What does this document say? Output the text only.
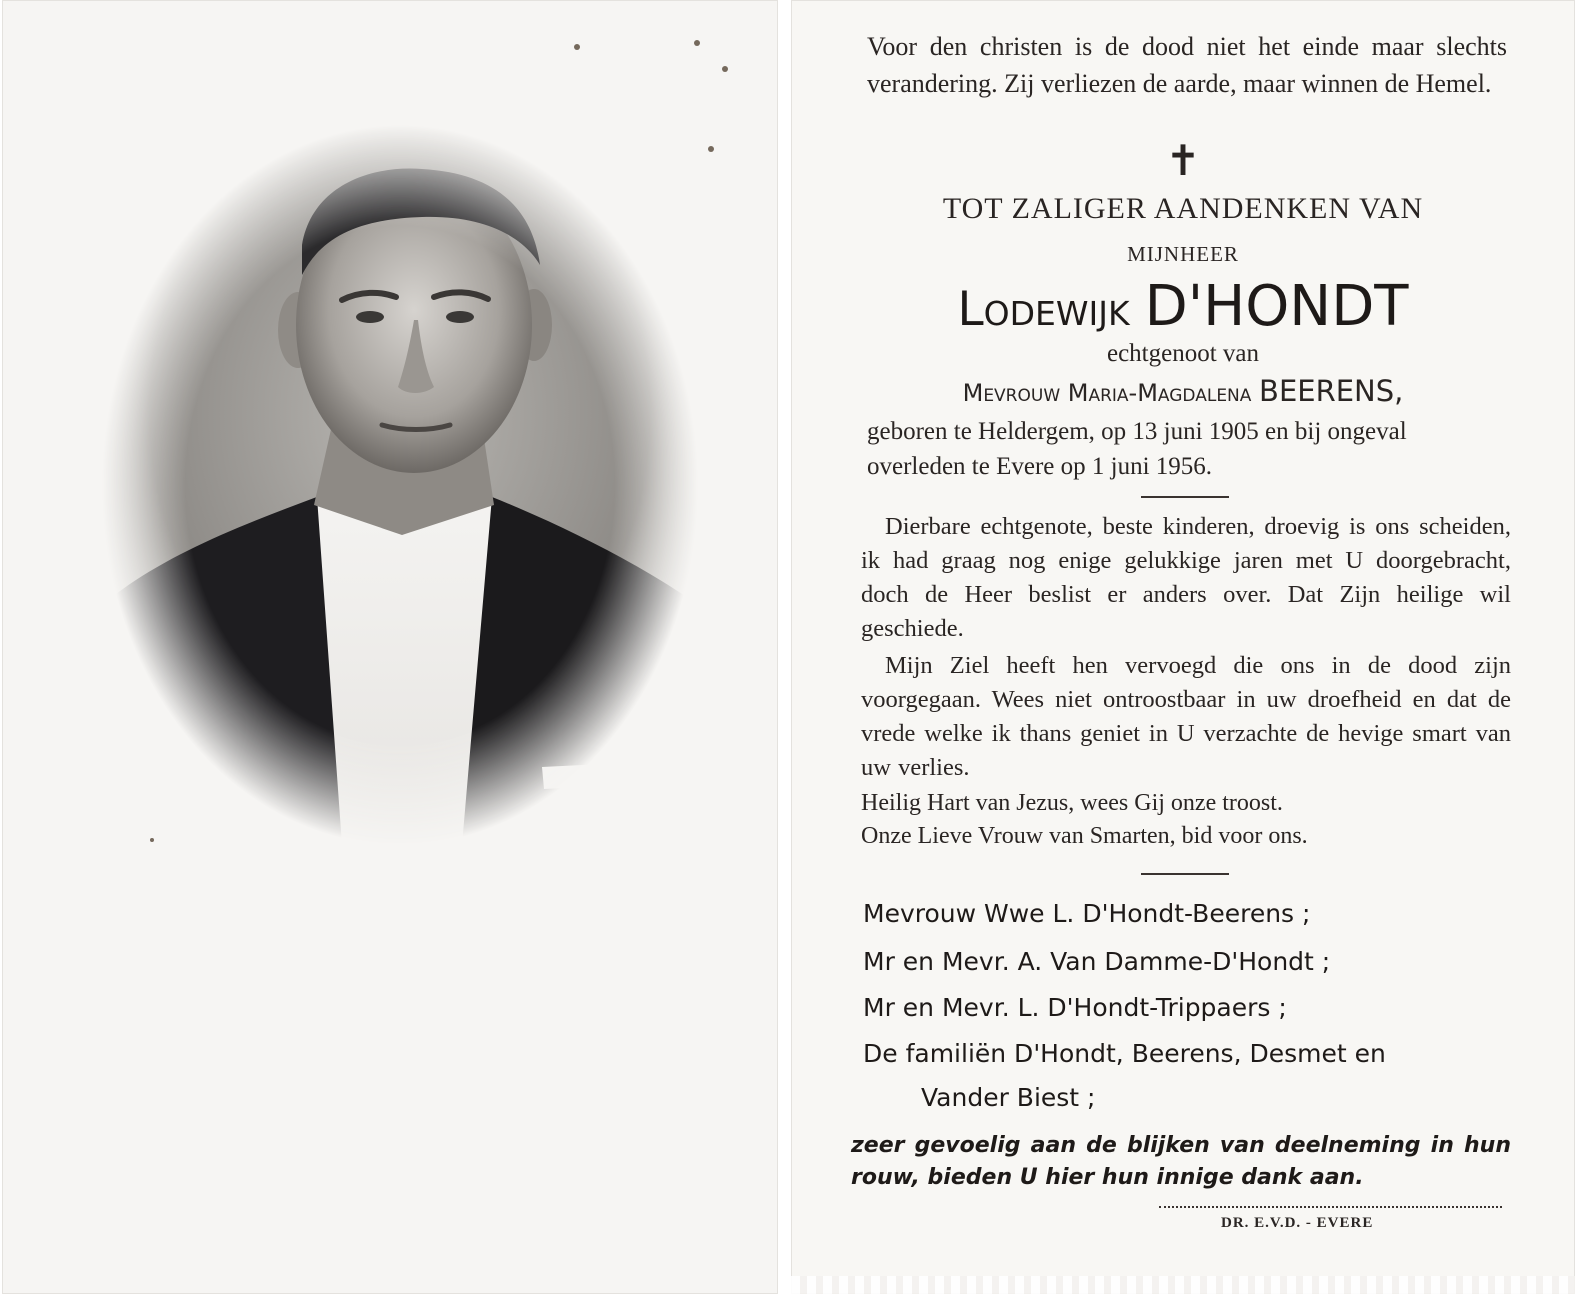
Voor den christen is de dood niet het einde maar slechts verandering. Zij verliezen de aarde, maar winnen de Hemel.

✝
TOT ZALIGER AANDENKEN VAN
MIJNHEER
Lodewijk D'HONDT
echtgenoot van
Mevrouw Maria-Magdalena BEERENS,

geboren te Heldergem, op 13 juni 1905 en bij ongeval overleden te Evere op 1 juni 1956.

Dierbare echtgenote, beste kinderen, droevig is ons scheiden, ik had graag nog enige gelukkige jaren met U doorgebracht, doch de Heer beslist er anders over. Dat Zijn heilige wil geschiede.

Mijn Ziel heeft hen vervoegd die ons in de dood zijn voorgegaan. Wees niet ontroostbaar in uw droefheid en dat de vrede welke ik thans geniet in U verzachte de hevige smart van uw verlies.

Heilig Hart van Jezus, wees Gij onze troost.
Onze Lieve Vrouw van Smarten, bid voor ons.
Mevrouw Wwe L. D'Hondt-Beerens ;
Mr en Mevr. A. Van Damme-D'Hondt ;
Mr en Mevr. L. D'Hondt-Trippaers ;
De familiën D'Hondt, Beerens, Desmet en
Vander Biest ;

zeer gevoelig aan de blijken van deelneming in hun rouw, bieden U hier hun innige dank aan.

DR. E.V.D. - EVERE
